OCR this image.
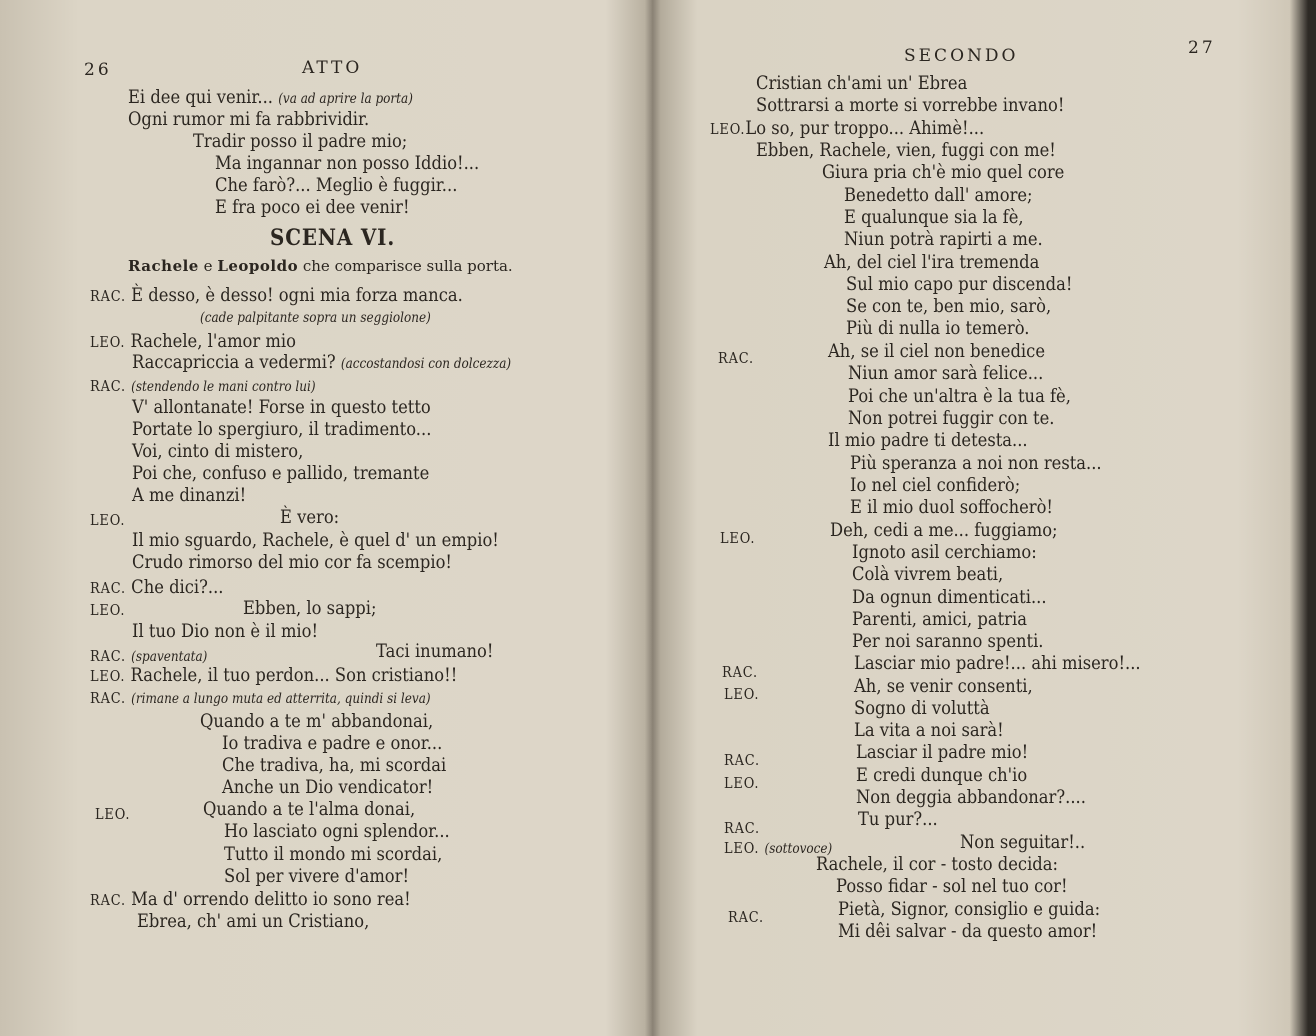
26	ATTO
Ei dee qui venir... (va ad aprire la porta)
Ogni rumor mi fa rabbrividir.
Tradir posso il padre mio;
Ma ingannar non posso Iddio!...
Che farò?... Meglio è fuggir...
E fra poco ei dee venir!
SCENA VI.
Rachele e Leopoldo che comparisce sulla porta.
RAC. È desso, è desso! ogni mia forza manca.
(cade palpitante sopra un seggiolone)
LEO. Rachele, l'amor mio
Raccapriccia a vedermi? (accostandosi con dolcezza)
RAC. (stendendo le mani contro lui)
V' allontanate! Forse in questo tetto
Portate lo spergiuro, il tradimento...
Voi, cinto di mistero,
Poi che, confuso e pallido, tremante
A me dinanzi!
LEO.	È vero:
Il mio sguardo, Rachele, è quel d' un empio!
Crudo rimorso del mio cor fa scempio!
RAC. Che dici?...
LEO.	Ebben, lo sappi;
Il tuo Dio non è il mio!
RAC. (spaventata)	Taci inumano!
LEO. Rachele, il tuo perdon... Son cristiano!!
RAC. (rimane a lungo muta ed atterrita, quindi si leva)
Quando a te m' abbandonai,
Io tradiva e padre e onor...
Che tradiva, ha, mi scordai
Anche un Dio vendicator!
LEO.	Quando a te l'alma donai,
Ho lasciato ogni splendor...
Tutto il mondo mi scordai,
Sol per vivere d'amor!
RAC. Ma d' orrendo delitto io sono rea!
Ebrea, ch' ami un Cristiano,
SECONDO	27
Cristian ch'ami un' Ebrea
Sottrarsi a morte si vorrebbe invano!
LEO.Lo so, pur troppo... Ahimè!...
Ebben, Rachele, vien, fuggi con me!
Giura pria ch'è mio quel core
Benedetto dall' amore;
E qualunque sia la fè,
Niun potrà rapirti a me.
Ah, del ciel l'ira tremenda
Sul mio capo pur discenda!
Se con te, ben mio, sarò,
Più di nulla io temerò.
RAC.	Ah, se il ciel non benedice
Niun amor sarà felice...
Poi che un'altra è la tua fè,
Non potrei fuggir con te.
Il mio padre ti detesta...
Più speranza a noi non resta...
Io nel ciel confiderò;
E il mio duol soffocherò!
LEO.	Deh, cedi a me... fuggiamo;
Ignoto asil cerchiamo:
Colà vivrem beati,
Da ognun dimenticati...
Parenti, amici, patria
Per noi saranno spenti.
RAC.	Lasciar mio padre!... ahi misero!...
LEO.	Ah, se venir consenti,
Sogno di voluttà
La vita a noi sarà!
RAC.	Lasciar il padre mio!
LEO.	E credi dunque ch'io
Non deggia abbandonar?....
RAC.	Tu pur?...
LEO. (sottovoce)	Non seguitar!..
Rachele, il cor - tosto decida:
Posso fidar - sol nel tuo cor!
RAC.	Pietà, Signor, consiglio e guida:
Mi dêi salvar - da questo amor!
